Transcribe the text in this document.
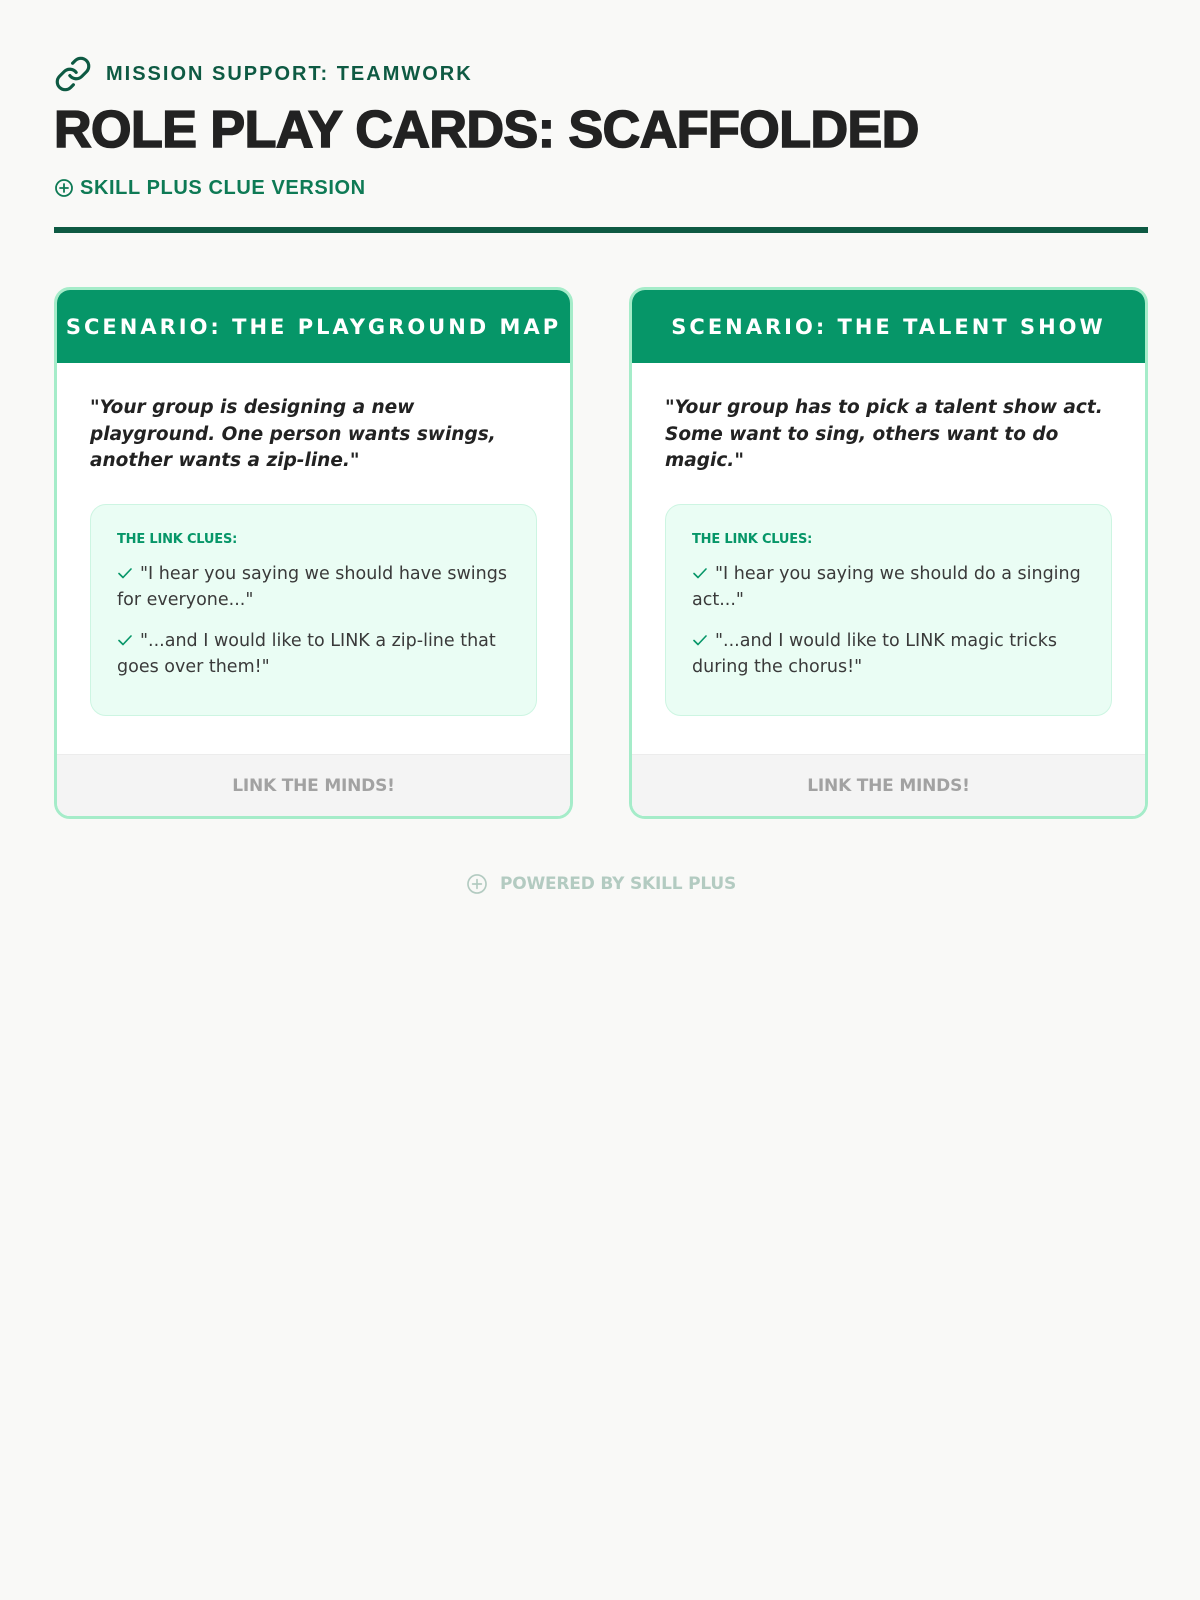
MISSION SUPPORT: TEAMWORK
ROLE PLAY CARDS: SCAFFOLDED
SKILL PLUS CLUE VERSION
SCENARIO: THE PLAYGROUND MAP

"Your group is designing a new playground. One person wants swings, another wants a zip-line."

THE LINK CLUES:
"I hear you saying we should have swings for everyone..."
"...and I would like to LINK a zip-line that goes over them!"
LINK THE MINDS!
SCENARIO: THE TALENT SHOW

"Your group has to pick a talent show act. Some want to sing, others want to do magic."

THE LINK CLUES:
"I hear you saying we should do a singing act..."
"...and I would like to LINK magic tricks during the chorus!"
LINK THE MINDS!
POWERED BY SKILL PLUS
